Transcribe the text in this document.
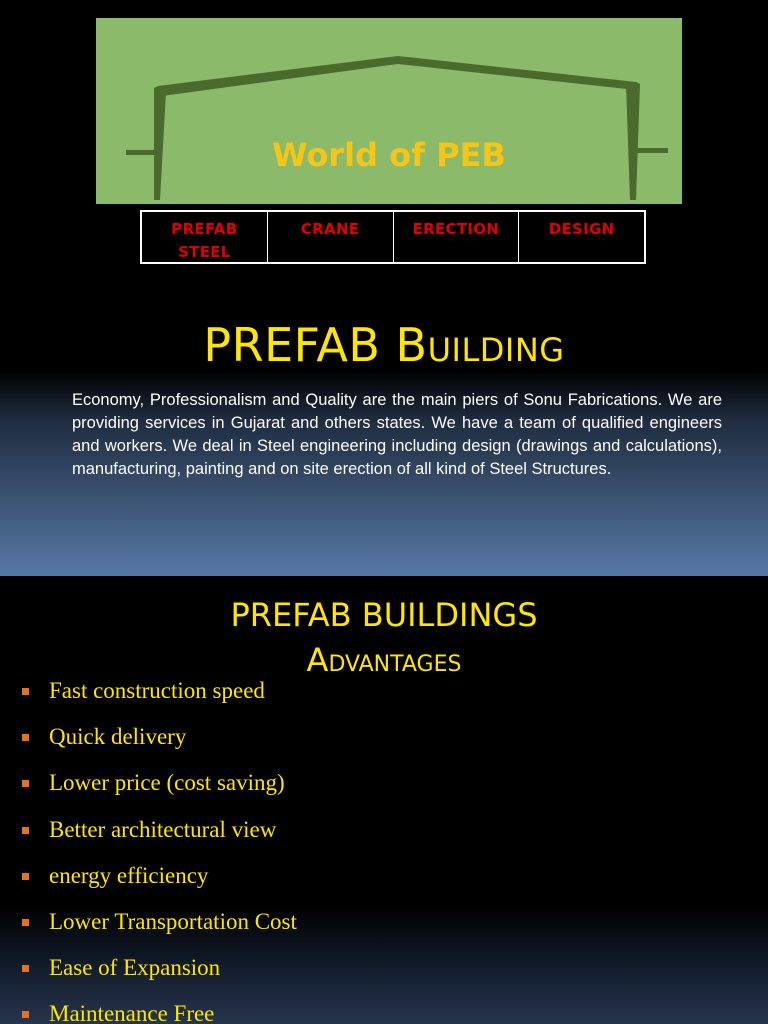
World of PEB
PREFAB
STEEL
CRANE	ERECTION	DESIGN
PREFAB Building
Economy, Professionalism and Quality are the main piers of Sonu Fabrications. We are providing services in Gujarat and others states. We have a team of qualified engineers and workers. We deal in Steel engineering including design (drawings and calculations), manufacturing, painting and on site erection of all kind of Steel Structures.
PREFAB BUILDINGS
Advantages
Fast construction speed
Quick delivery
Lower price (cost saving)
Better architectural view
energy efficiency
Lower Transportation Cost
Ease of Expansion
Maintenance Free
